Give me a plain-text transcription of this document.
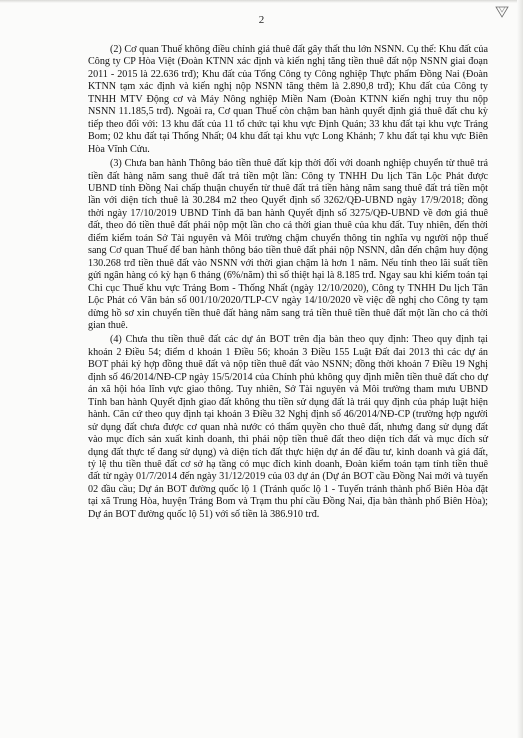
2

(2) Cơ quan Thuế không điều chỉnh giá thuê đất gây thất thu lớn NSNN. Cụ thể: Khu đất của Công ty CP Hòa Việt (Đoàn KTNN xác định và kiến nghị tăng tiền thuê đất nộp NSNN giai đoạn 2011 - 2015 là 22.636 trđ); Khu đất của Tổng Công ty Công nghiệp Thực phẩm Đồng Nai (Đoàn KTNN tạm xác định và kiến nghị nộp NSNN tăng thêm là 2.890,8 trđ); Khu đất của Công ty TNHH MTV Động cơ và Máy Nông nghiệp Miền Nam (Đoàn KTNN kiến nghị truy thu nộp NSNN 11.185,5 trđ). Ngoài ra, Cơ quan Thuế còn chậm ban hành quyết định giá thuê đất chu kỳ tiếp theo đối với: 13 khu đất của 11 tổ chức tại khu vực Định Quán; 33 khu đất tại khu vực Trảng Bom; 02 khu đất tại Thống Nhất; 04 khu đất tại khu vực Long Khánh; 7 khu đất tại khu vực Biên Hòa Vĩnh Cửu.

(3) Chưa ban hành Thông báo tiền thuê đất kịp thời đối với doanh nghiệp chuyển từ thuê trả tiền đất hàng năm sang thuê đất trả tiền một lần: Công ty TNHH Du lịch Tân Lộc Phát được UBND tỉnh Đồng Nai chấp thuận chuyển từ thuê đất trả tiền hàng năm sang thuê đất trả tiền một lần với diện tích thuê là 30.284 m2 theo Quyết định số 3262/QĐ-UBND ngày 17/9/2018; đồng thời ngày 17/10/2019 UBND Tỉnh đã ban hành Quyết định số 3275/QĐ-UBND về đơn giá thuê đất, theo đó tiền thuê đất phải nộp một lần cho cả thời gian thuê của khu đất. Tuy nhiên, đến thời điểm kiểm toán Sở Tài nguyên và Môi trường chậm chuyển thông tin nghĩa vụ người nộp thuế sang Cơ quan Thuế để ban hành thông báo tiền thuê đất phải nộp NSNN, dẫn đến chậm huy động 130.268 trđ tiền thuê đất vào NSNN với thời gian chậm là hơn 1 năm. Nếu tính theo lãi suất tiền gửi ngân hàng có kỳ hạn 6 tháng (6%/năm) thì số thiệt hại là 8.185 trđ. Ngay sau khi kiểm toán tại Chi cục Thuế khu vực Trảng Bom - Thống Nhất (ngày 12/10/2020), Công ty TNHH Du lịch Tân Lộc Phát có Văn bản số 001/10/2020/TLP-CV ngày 14/10/2020 về việc đề nghị cho Công ty tạm dừng hồ sơ xin chuyển tiền thuê đất hàng năm sang trả tiền thuê tiền thuê đất một lần cho cả thời gian thuê.

(4) Chưa thu tiền thuê đất các dự án BOT trên địa bàn theo quy định: Theo quy định tại khoản 2 Điều 54; điểm d khoản 1 Điều 56; khoản 3 Điều 155 Luật Đất đai 2013 thì các dự án BOT phải kỷ hợp đồng thuê đất và nộp tiền thuê đất vào NSNN; đồng thời khoản 7 Điều 19 Nghị định số 46/2014/NĐ-CP ngày 15/5/2014 của Chính phủ không quy định miễn tiền thuê đất cho dự án xã hội hóa lĩnh vực giao thông. Tuy nhiên, Sở Tài nguyên và Môi trường tham mưu UBND Tỉnh ban hành Quyết định giao đất không thu tiền sử dụng đất là trái quy định của pháp luật hiện hành. Căn cứ theo quy định tại khoản 3 Điều 32 Nghị định số 46/2014/NĐ-CP (trường hợp người sử dụng đất chưa được cơ quan nhà nước có thẩm quyền cho thuê đất, nhưng đang sử dụng đất vào mục đích sản xuất kinh doanh, thì phải nộp tiền thuê đất theo diện tích đất và mục đích sử dụng đất thực tế đang sử dụng) và diện tích đất thực hiện dự án để đầu tư, kinh doanh và giá đất, tỷ lệ thu tiền thuê đất cơ sở hạ tầng có mục đích kinh doanh, Đoàn kiểm toán tạm tính tiền thuê đất từ ngày 01/7/2014 đến ngày 31/12/2019 của 03 dự án (Dự án BOT cầu Đồng Nai mới và tuyến 02 đầu cầu; Dự án BOT đường quốc lộ 1 (Tránh quốc lộ 1 - Tuyến tránh thành phố Biên Hòa đặt tại xã Trung Hòa, huyện Trảng Bom và Trạm thu phí cầu Đồng Nai, địa bàn thành phố Biên Hòa); Dự án BOT đường quốc lộ 51) với số tiền là 386.910 trđ.
